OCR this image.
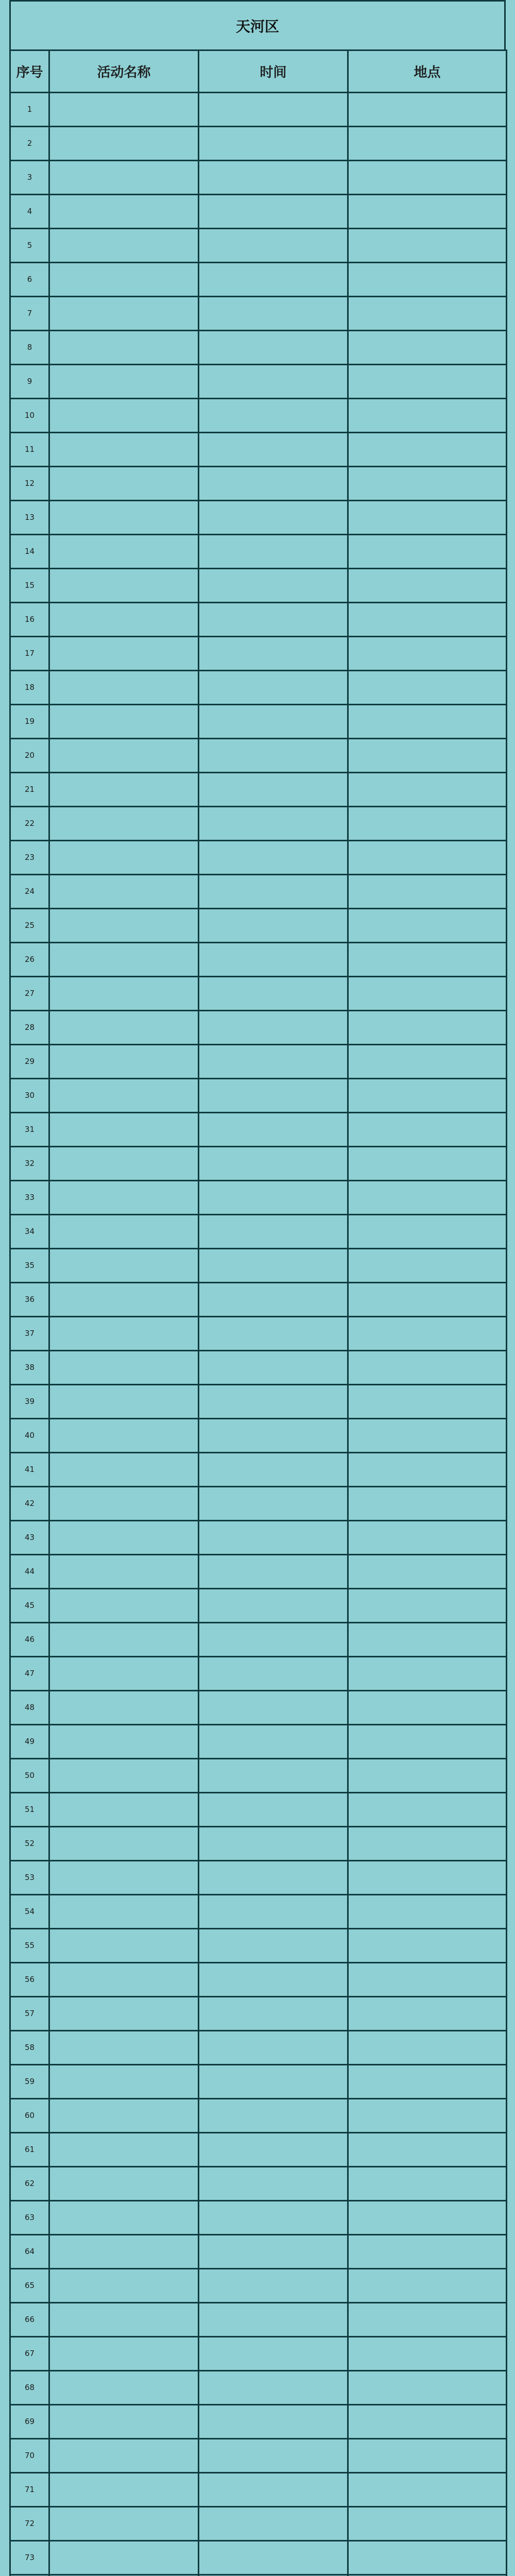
天河区
序号	活动名称	时间	地点
1			
2			
3			
4			
5			
6			
7			
8			
9			
10			
11			
12			
13			
14			
15			
16			
17			
18			
19			
20			
21			
22			
23			
24			
25			
26			
27			
28			
29			
30			
31			
32			
33			
34			
35			
36			
37			
38			
39			
40			
41			
42			
43			
44			
45			
46			
47			
48			
49			
50			
51			
52			
53			
54			
55			
56			
57			
58			
59			
60			
61			
62			
63			
64			
65			
66			
67			
68			
69			
70			
71			
72			
73			
